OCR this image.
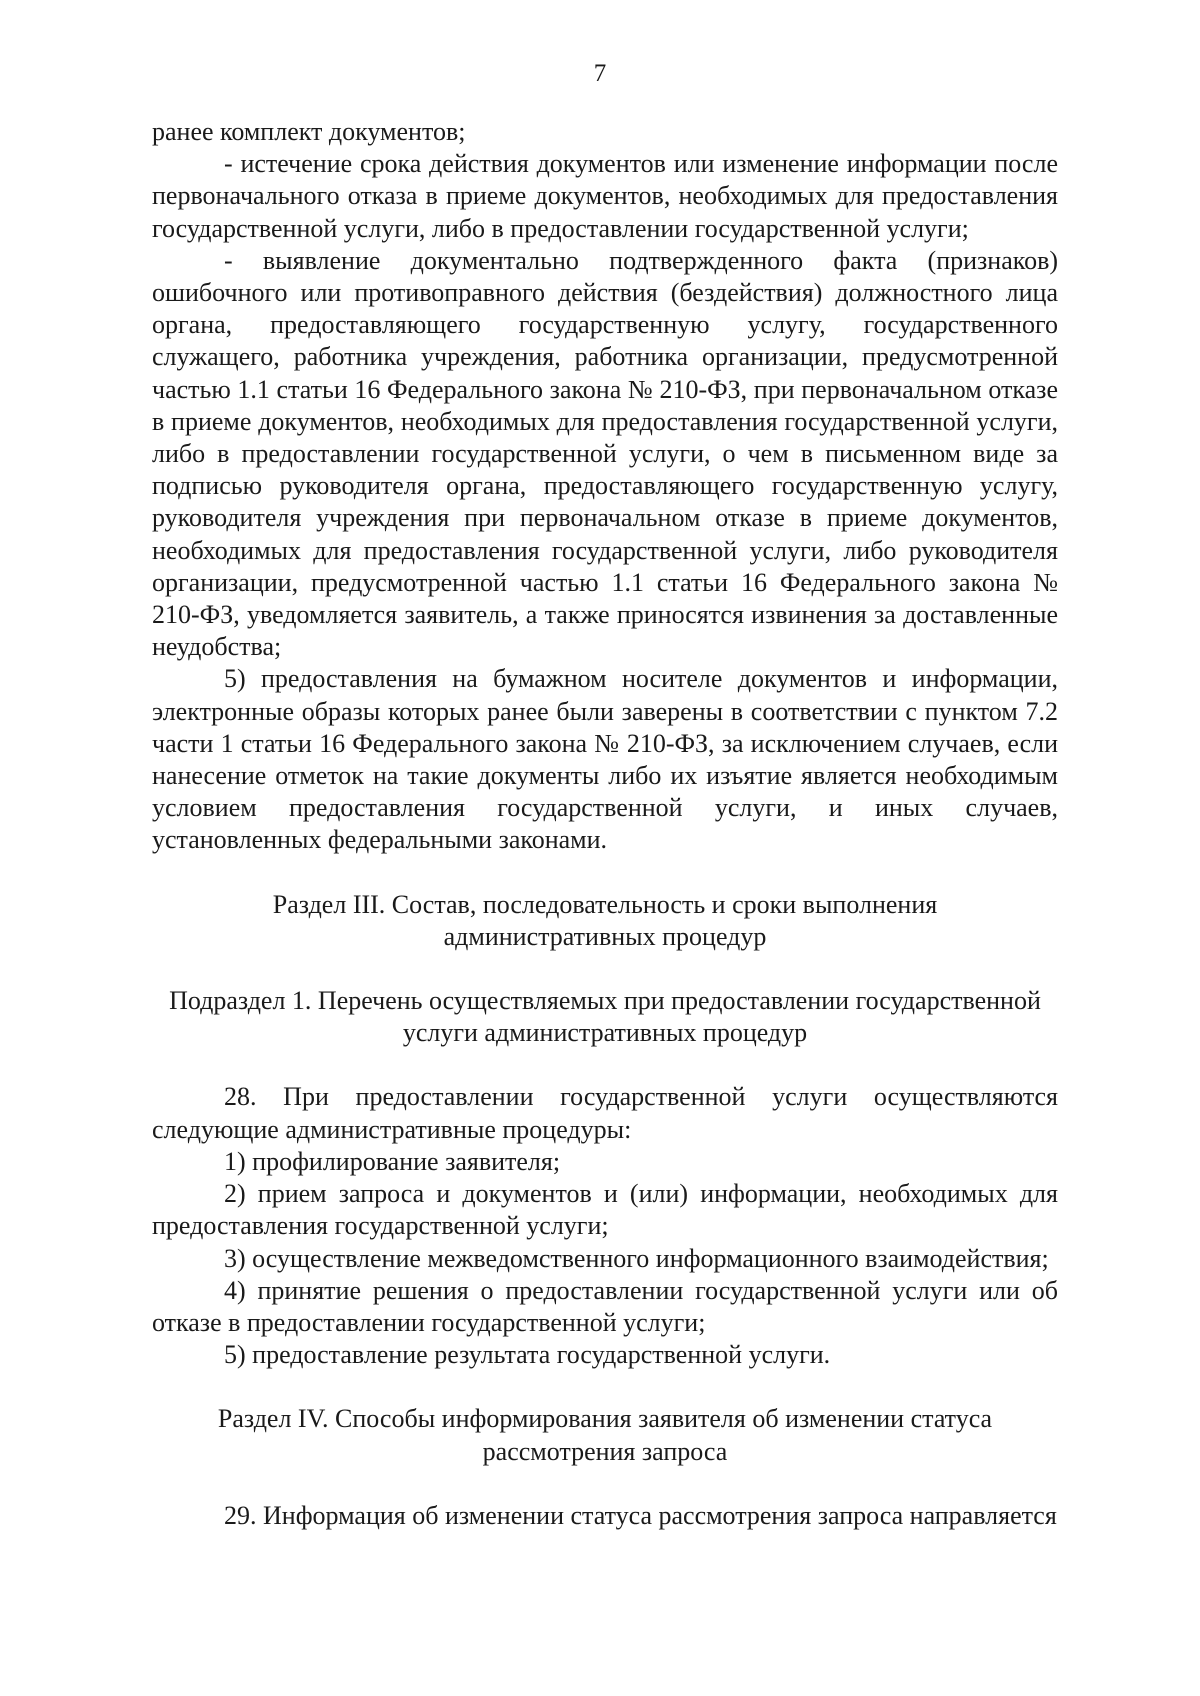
7

ранее комплект документов;

- истечение срока действия документов или изменение информации после первоначального отказа в приеме документов, необходимых для предоставления государственной услуги, либо в предоставлении государственной услуги;

- выявление документально подтвержденного факта (признаков) ошибочного или противоправного действия (бездействия) должностного лица органа, предоставляющего государственную услугу, государственного служащего, работника учреждения, работника организации, предусмотренной частью 1.1 статьи 16 Федерального закона № 210-ФЗ, при первоначальном отказе в приеме документов, необходимых для предоставления государственной услуги, либо в предоставлении государственной услуги, о чем в письменном виде за подписью руководителя органа, предоставляющего государственную услугу, руководителя учреждения при первоначальном отказе в приеме документов, необходимых для предоставления государственной услуги, либо руководителя организации, предусмотренной частью 1.1 статьи 16 Федерального закона № 210-ФЗ, уведомляется заявитель, а также приносятся извинения за доставленные неудобства;

5) предоставления на бумажном носителе документов и информации, электронные образы которых ранее были заверены в соответствии с пунктом 7.2 части 1 статьи 16 Федерального закона № 210-ФЗ, за исключением случаев, если нанесение отметок на такие документы либо их изъятие является необходимым условием предоставления государственной услуги, и иных случаев, установленных федеральными законами.

Раздел III. Состав, последовательность и сроки выполнения

административных процедур

Подраздел 1. Перечень осуществляемых при предоставлении государственной

услуги административных процедур

28. При предоставлении государственной услуги осуществляются следующие административные процедуры:

1) профилирование заявителя;

2) прием запроса и документов и (или) информации, необходимых для предоставления государственной услуги;

3) осуществление межведомственного информационного взаимодействия;

4) принятие решения о предоставлении государственной услуги или об отказе в предоставлении государственной услуги;

5) предоставление результата государственной услуги.

Раздел IV. Способы информирования заявителя об изменении статуса

рассмотрения запроса

29. Информация об изменении статуса рассмотрения запроса направляется
